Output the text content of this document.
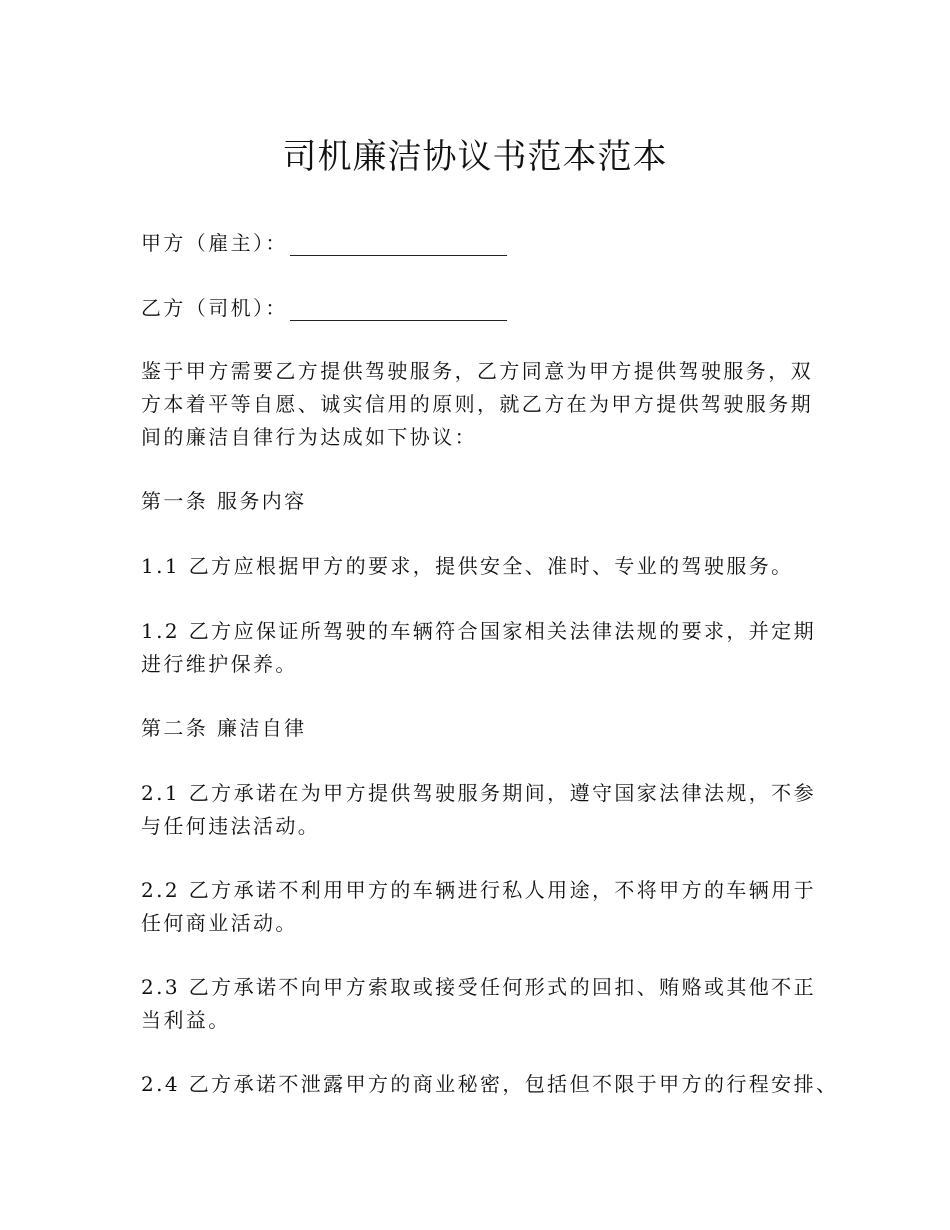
司机廉洁协议书范本范本

甲方（雇主）：

乙方（司机）：

鉴于甲方需要乙方提供驾驶服务，乙方同意为甲方提供驾驶服务，双
方本着平等自愿、诚实信用的原则，就乙方在为甲方提供驾驶服务期
间的廉洁自律行为达成如下协议：

第一条 服务内容

1.1 乙方应根据甲方的要求，提供安全、准时、专业的驾驶服务。

1.2 乙方应保证所驾驶的车辆符合国家相关法律法规的要求，并定期
进行维护保养。

第二条 廉洁自律

2.1 乙方承诺在为甲方提供驾驶服务期间，遵守国家法律法规，不参
与任何违法活动。

2.2 乙方承诺不利用甲方的车辆进行私人用途，不将甲方的车辆用于
任何商业活动。

2.3 乙方承诺不向甲方索取或接受任何形式的回扣、贿赂或其他不正
当利益。

2.4 乙方承诺不泄露甲方的商业秘密，包括但不限于甲方的行程安排、
